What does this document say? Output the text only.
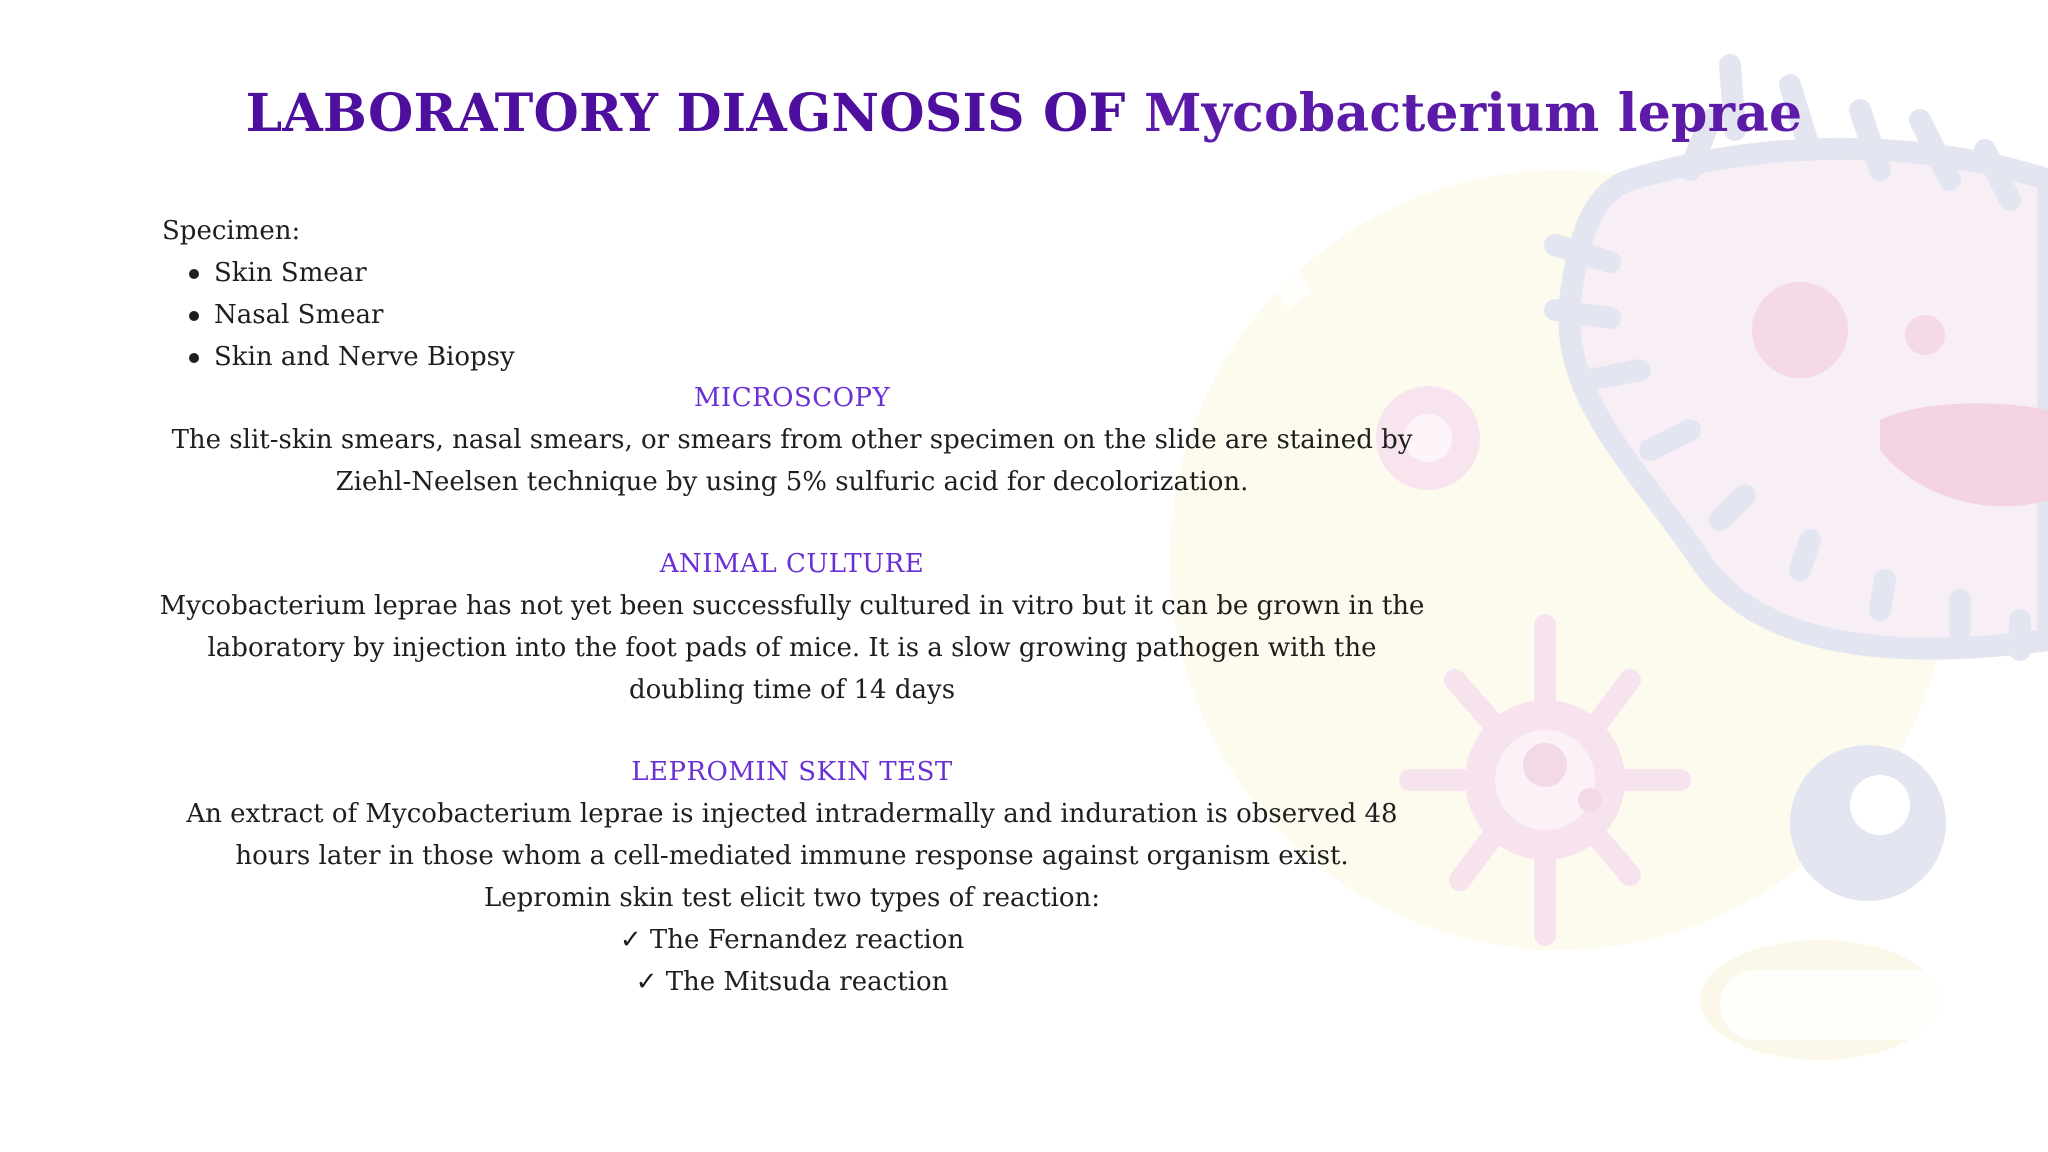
LABORATORY DIAGNOSIS OF Mycobacterium leprae
Specimen:
Skin Smear
Nasal Smear
Skin and Nerve Biopsy
MICROSCOPY
The slit-skin smears, nasal smears, or smears from other specimen on the slide are stained by Ziehl-Neelsen technique by using 5% sulfuric acid for decolorization.
ANIMAL CULTURE
Mycobacterium leprae has not yet been successfully cultured in vitro but it can be grown in the laboratory by injection into the foot pads of mice. It is a slow growing pathogen with the doubling time of 14 days
LEPROMIN SKIN TEST
An extract of Mycobacterium leprae is injected intradermally and induration is observed 48 hours later in those whom a cell-mediated immune response against organism exist.
Lepromin skin test elicit two types of reaction:
✓ The Fernandez reaction
✓ The Mitsuda reaction
